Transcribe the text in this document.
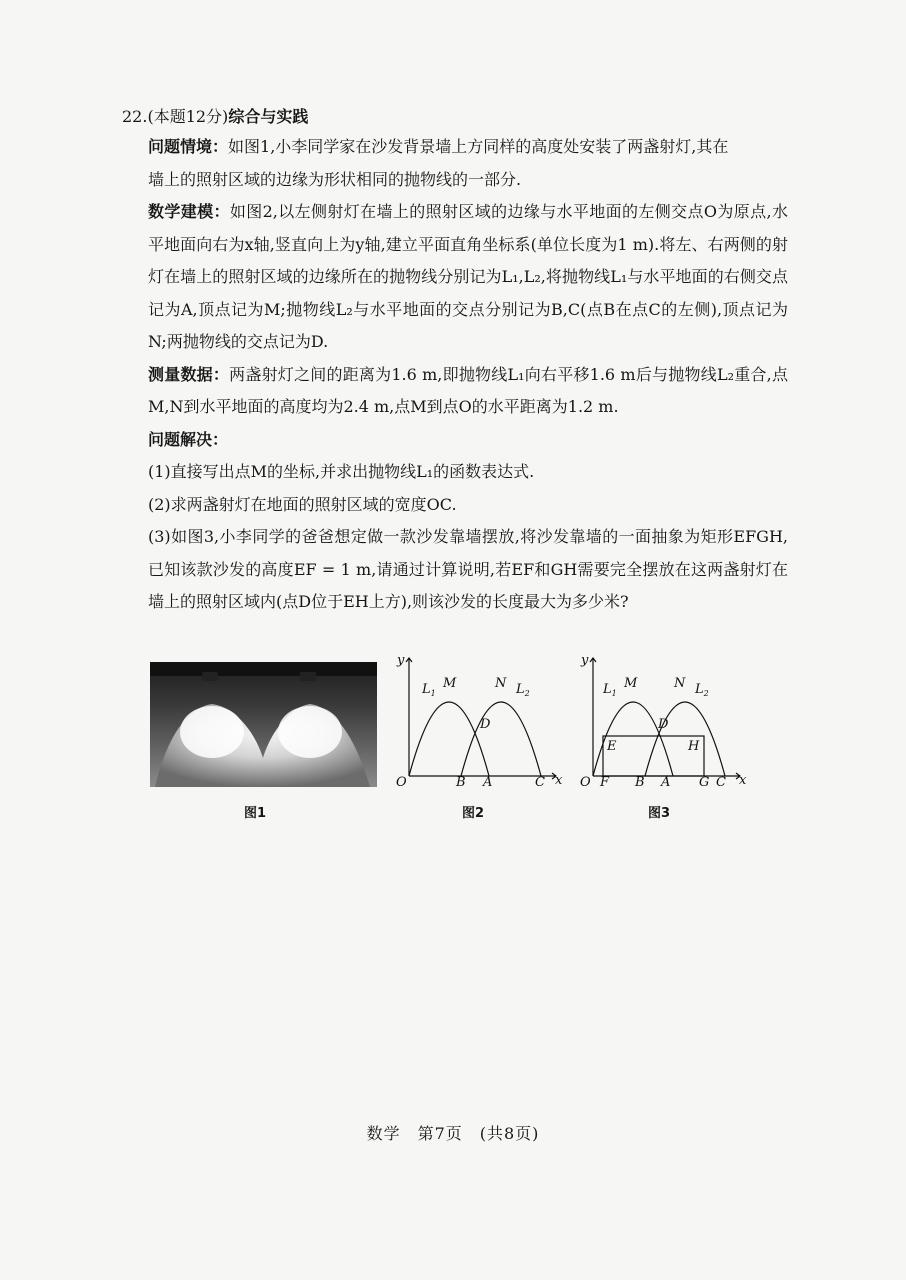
22.(本题12分)综合与实践

问题情境：如图1,小李同学家在沙发背景墙上方同样的高度处安装了两盏射灯,其在

墙上的照射区域的边缘为形状相同的抛物线的一部分.

数学建模：如图2,以左侧射灯在墙上的照射区域的边缘与水平地面的左侧交点O为原点,水平地面向右为x轴,竖直向上为y轴,建立平面直角坐标系(单位长度为1 m).将左、右两侧的射灯在墙上的照射区域的边缘所在的抛物线分别记为L₁,L₂,将抛物线L₁与水平地面的右侧交点记为A,顶点记为M;抛物线L₂与水平地面的交点分别记为B,C(点B在点C的左侧),顶点记为N;两抛物线的交点记为D.

测量数据：两盏射灯之间的距离为1.6 m,即抛物线L₁向右平移1.6 m后与抛物线L₂重合,点M,N到水平地面的高度均为2.4 m,点M到点O的水平距离为1.2 m.

问题解决：

(1)直接写出点M的坐标,并求出抛物线L₁的函数表达式.

(2)求两盏射灯在地面的照射区域的宽度OC.

(3)如图3,小李同学的爸爸想定做一款沙发靠墙摆放,将沙发靠墙的一面抽象为矩形EFGH,已知该款沙发的高度EF = 1 m,请通过计算说明,若EF和GH需要完全摆放在这两盏射灯在墙上的照射区域内(点D位于EH上方),则该沙发的长度最大为多少米?

图1
y
x
O	B A	C
D
M	N
$L_1$	$L_2$
图2
y
x
O F B A G C
E	H
D
M	N
$L_1$	$L_2$
图3
数学　第7页　(共8页)
